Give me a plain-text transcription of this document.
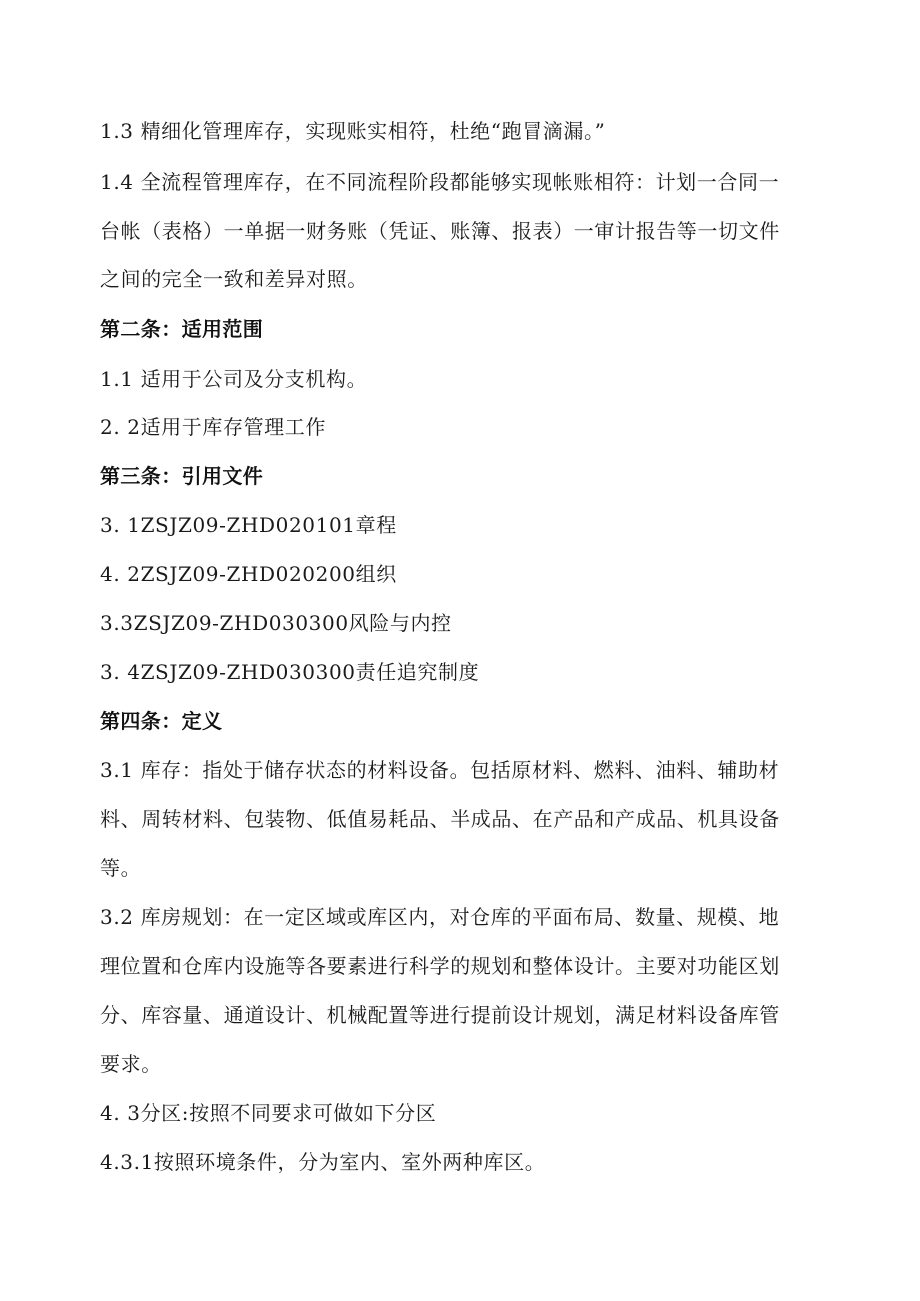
1.3 精细化管理库存，实现账实相符，杜绝“跑冒滴漏。”
1.4 全流程管理库存，在不同流程阶段都能够实现帐账相符：计划一合同一
台帐（表格）一单据一财务账（凭证、账簿、报表）一审计报告等一切文件
之间的完全一致和差异对照。
第二条：适用范围
1.1 适用于公司及分支机构。
2. 2适用于库存管理工作
第三条：引用文件
3. 1ZSJZ09-ZHD020101章程
4. 2ZSJZ09-ZHD020200组织
3.3ZSJZ09-ZHD030300风险与内控
3. 4ZSJZ09-ZHD030300责任追究制度
第四条：定义
3.1 库存：指处于储存状态的材料设备。包括原材料、燃料、油料、辅助材
料、周转材料、包装物、低值易耗品、半成品、在产品和产成品、机具设备
等。
3.2 库房规划：在一定区域或库区内，对仓库的平面布局、数量、规模、地
理位置和仓库内设施等各要素进行科学的规划和整体设计。主要对功能区划
分、库容量、通道设计、机械配置等进行提前设计规划，满足材料设备库管
要求。
4. 3分区:按照不同要求可做如下分区
4.3.1按照环境条件，分为室内、室外两种库区。
